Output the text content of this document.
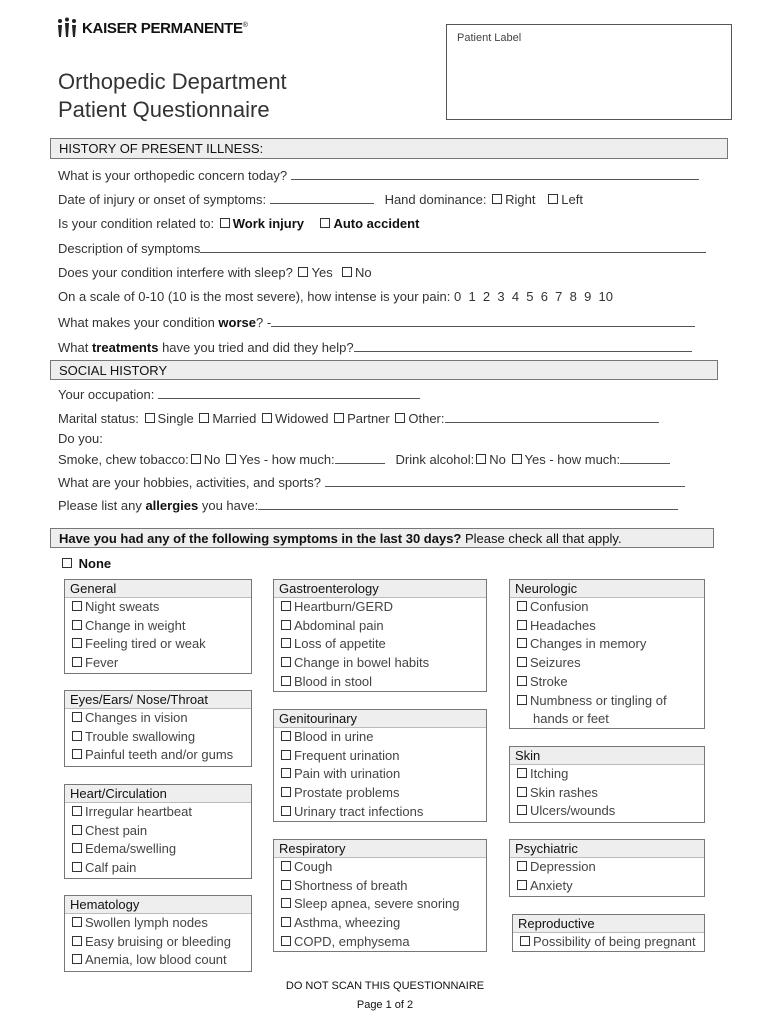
KAISER PERMANENTE®
Patient Label
Orthopedic Department
Patient Questionnaire
HISTORY OF PRESENT ILLNESS:
What is your orthopedic concern today?
Date of injury or onset of symptoms:	Hand dominance: Right Left
Is your condition related to: Work injury Auto accident
Description of symptoms
Does your condition interfere with sleep? Yes No
On a scale of 0-10 (10 is the most severe), how intense is your pain: 0  1  2  3  4  5  6  7  8  9  10
What makes your condition worse? -
What treatments have you tried and did they help?
SOCIAL HISTORY
Your occupation:
Marital status: Single Married Widowed Partner Other:
Do you:
Smoke, chew tobacco: No Yes - how much:	Drink alcohol: No Yes - how much:
What are your hobbies, activities, and sports?
Please list any allergies you have:
Have you had any of the following symptoms in the last 30 days? Please check all that apply.
None
General
Night sweats
Change in weight
Feeling tired or weak
Fever
Eyes/Ears/ Nose/Throat
Changes in vision
Trouble swallowing
Painful teeth and/or gums
Heart/Circulation
Irregular heartbeat
Chest pain
Edema/swelling
Calf pain
Hematology
Swollen lymph nodes
Easy bruising or bleeding
Anemia, low blood count
Gastroenterology
Heartburn/GERD
Abdominal pain
Loss of appetite
Change in bowel habits
Blood in stool
Genitourinary
Blood in urine
Frequent urination
Pain with urination
Prostate problems
Urinary tract infections
Respiratory
Cough
Shortness of breath
Sleep apnea, severe snoring
Asthma, wheezing
COPD, emphysema
Neurologic
Confusion
Headaches
Changes in memory
Seizures
Stroke
Numbness or tingling of
hands or feet
Skin
Itching
Skin rashes
Ulcers/wounds
Psychiatric
Depression
Anxiety
Reproductive
Possibility of being pregnant
DO NOT SCAN THIS QUESTIONNAIRE
Page 1 of 2
